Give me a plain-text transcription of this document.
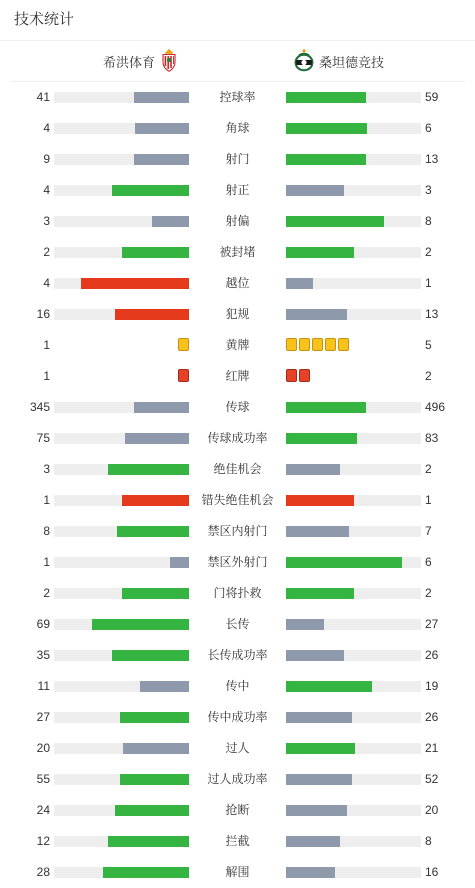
技术统计
希洪体育	桑坦德竞技
41	控球率	59
4	角球	6
9	射门	13
4	射正	3
3	射偏	8
2	被封堵	2
4	越位	1
16	犯规	13
1	黄牌	5
1	红牌	2
345	传球	496
75	传球成功率	83
3	绝佳机会	2
1	错失绝佳机会	1
8	禁区内射门	7
1	禁区外射门	6
2	门将扑救	2
69	长传	27
35	长传成功率	26
11	传中	19
27	传中成功率	26
20	过人	21
55	过人成功率	52
24	抢断	20
12	拦截	8
28	解围	16
